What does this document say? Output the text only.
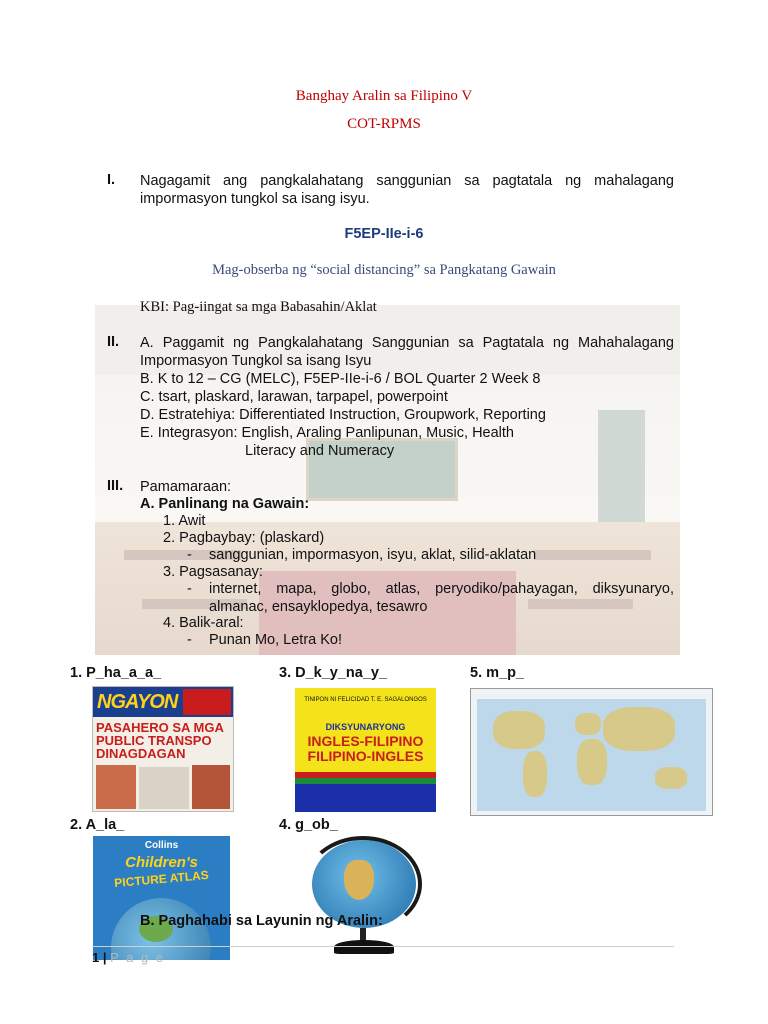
Banghay Aralin sa Filipino V
COT-RPMS
I. Nagagamit ang pangkalahatang sanggunian sa pagtatala ng mahalagang impormasyon tungkol sa isang isyu.
F5EP-IIe-i-6
Mag-obserba ng “social distancing” sa Pangkatang Gawain
KBI: Pag-iingat sa mga Babasahin/Aklat
II. A. Paggamit ng Pangkalahatang Sanggunian sa Pagtatala ng Mahahalagang Impormasyon Tungkol sa isang Isyu
B. K to 12 – CG (MELC), F5EP-IIe-i-6 / BOL Quarter 2 Week 8
C. tsart, plaskard, larawan, tarpapel, powerpoint
D. Estratehiya: Differentiated Instruction, Groupwork, Reporting
E. Integrasyon: English, Araling Panlipunan, Music, Health
Literacy and Numeracy
III. Pamamaraan:
A. Panlinang na Gawain:
1. Awit
2. Pagbaybay: (plaskard)
- sanggunian, impormasyon, isyu, aklat, silid-aklatan
3. Pagsasanay:
- internet, mapa, globo, atlas, peryodiko/pahayagan, diksyunaryo, almanac, ensayklopedya, tesawro
4. Balik-aral:
- Punan Mo, Letra Ko!
1. P_ha_a_a_	3. D_k_y_na_y_	5. m_p_
2. A_la_	4. g_ob_
NGAYON
PASAHERO SA MGA PUBLIC TRANSPO DINAGDAGAN
TINIPON NI FELICIDAD T. E. SAGALONGOS
DIKSYUNARYONG
INGLES-FILIPINO FILIPINO-INGLES
Collins
Children's
PICTURE ATLAS
B. Paghahabi sa Layunin ng Aralin:
1 | P a g e
